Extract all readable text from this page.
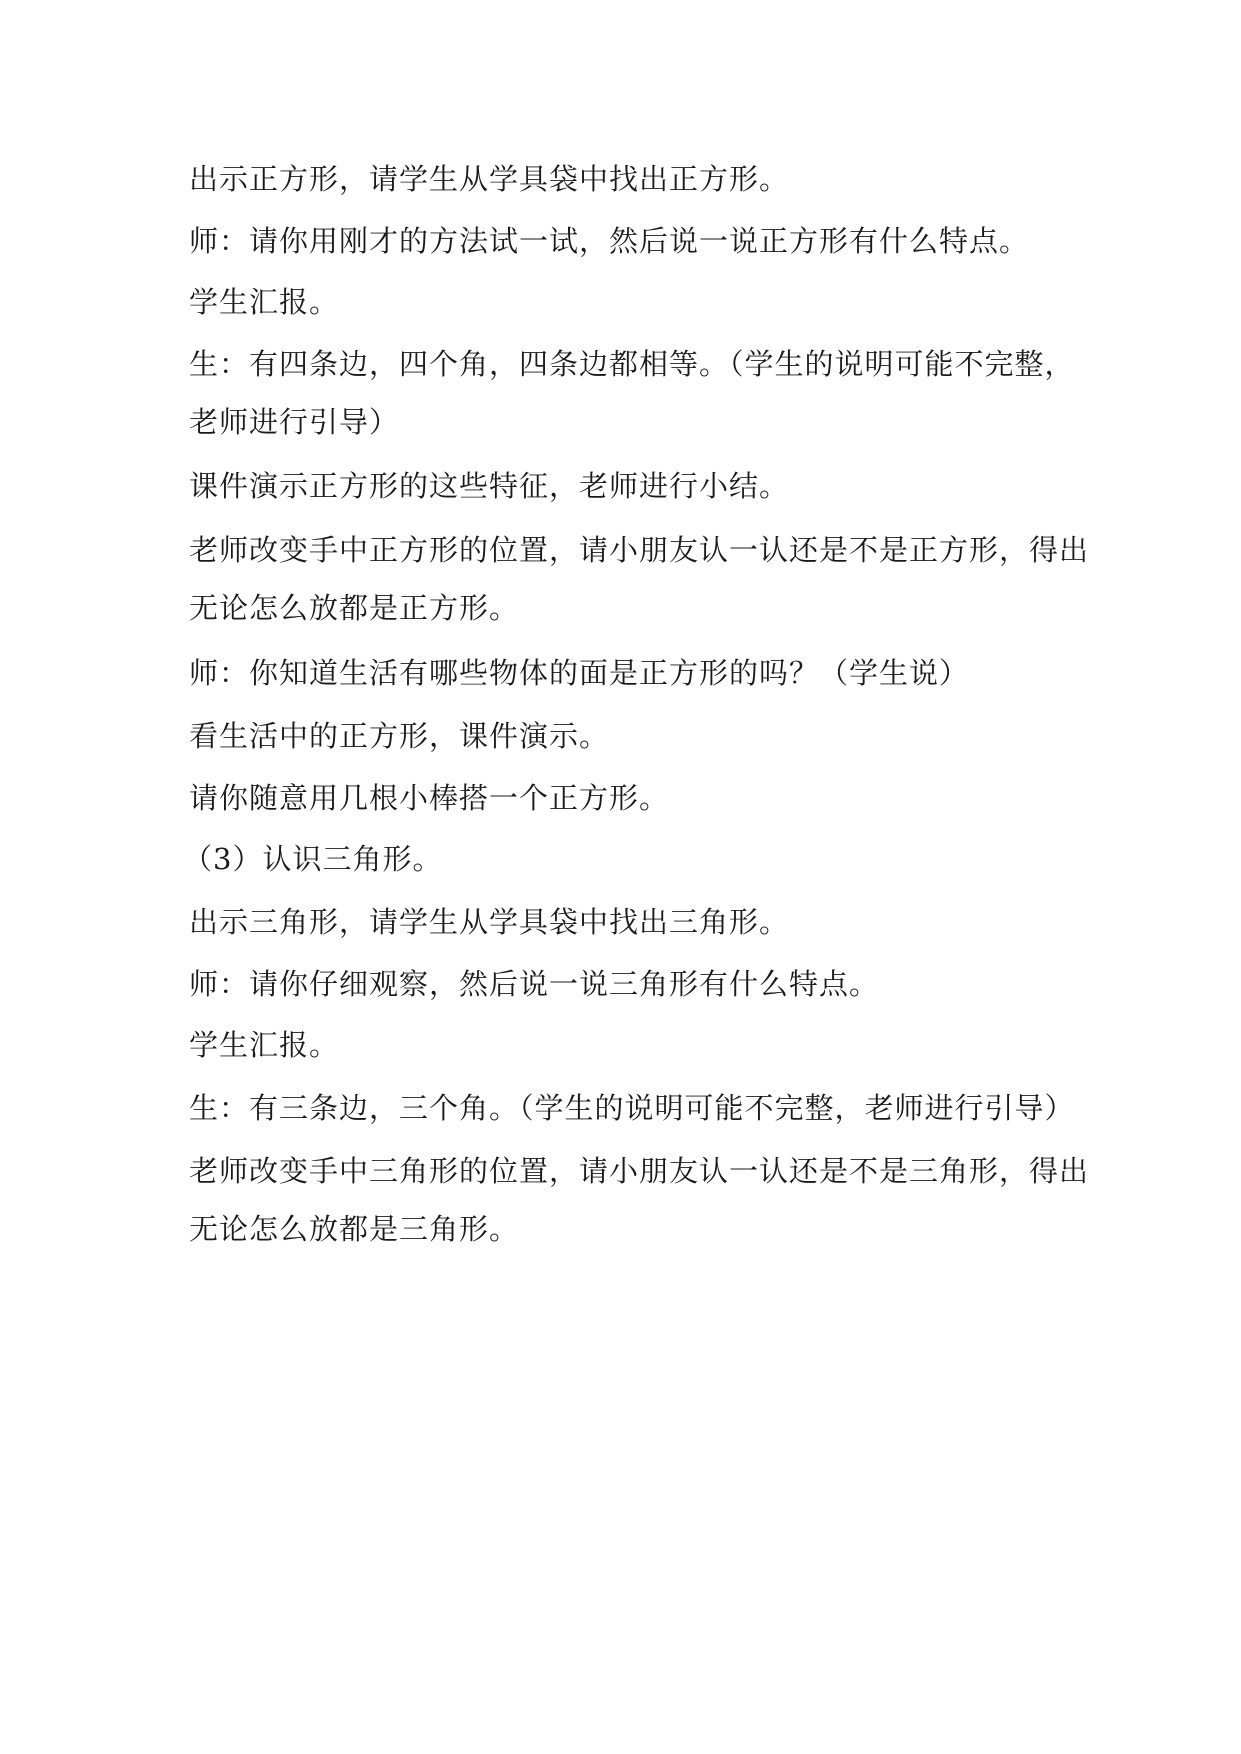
出示正方形，请学生从学具袋中找出正方形。
师：请你用刚才的方法试一试，然后说一说正方形有什么特点。
学生汇报。
生：有四条边，四个角，四条边都相等。（学生的说明可能不完整，
老师进行引导）
课件演示正方形的这些特征，老师进行小结。
老师改变手中正方形的位置，请小朋友认一认还是不是正方形，得出
无论怎么放都是正方形。
师：你知道生活有哪些物体的面是正方形的吗？（学生说）
看生活中的正方形，课件演示。
请你随意用几根小棒搭一个正方形。
（3）认识三角形。
出示三角形，请学生从学具袋中找出三角形。
师：请你仔细观察，然后说一说三角形有什么特点。
学生汇报。
生：有三条边，三个角。（学生的说明可能不完整，老师进行引导）
老师改变手中三角形的位置，请小朋友认一认还是不是三角形，得出
无论怎么放都是三角形。
